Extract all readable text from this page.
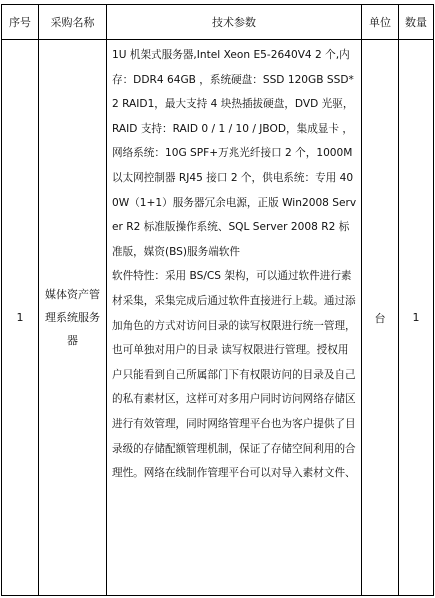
序号	采购名称	技术参数	单位	数量
1	媒体资产管理系统服务器	1U 机架式服务器,Intel Xeon E5-2640V4 2 个,内存：DDR4 64GB ，系统硬盘：SSD 120GB SSD*2 RAID1，最大支持 4 块热插拔硬盘，DVD 光驱，RAID 支持：RAID 0 / 1 / 10 / JBOD，集成显卡 ，网络系统：10G SPF+万兆光纤接口 2 个，1000M 以太网控制器 RJ45 接口 2 个，供电系统：专用 400W（1+1）服务器冗余电源，正版 Win2008 Server R2 标准版操作系统、SQL Server 2008 R2 标准版，媒资(BS)服务端软件

软件特性：采用 BS/CS 架构，可以通过软件进行素材采集，采集完成后通过软件直接进行上载。通过添加角色的方式对访问目录的读写权限进行统一管理，也可单独对用户的目录 读写权限进行管理。授权用户只能看到自己所属部门下有权限访问的目录及自己的私有素材区，这样可对多用户同时访问网络存储区进行有效管理，同时网络管理平台也为客户提供了目录级的存储配额管理机制，保证了存储空间利用的合理性。网络在线制作管理平台可以对导入素材文件、	台	1
